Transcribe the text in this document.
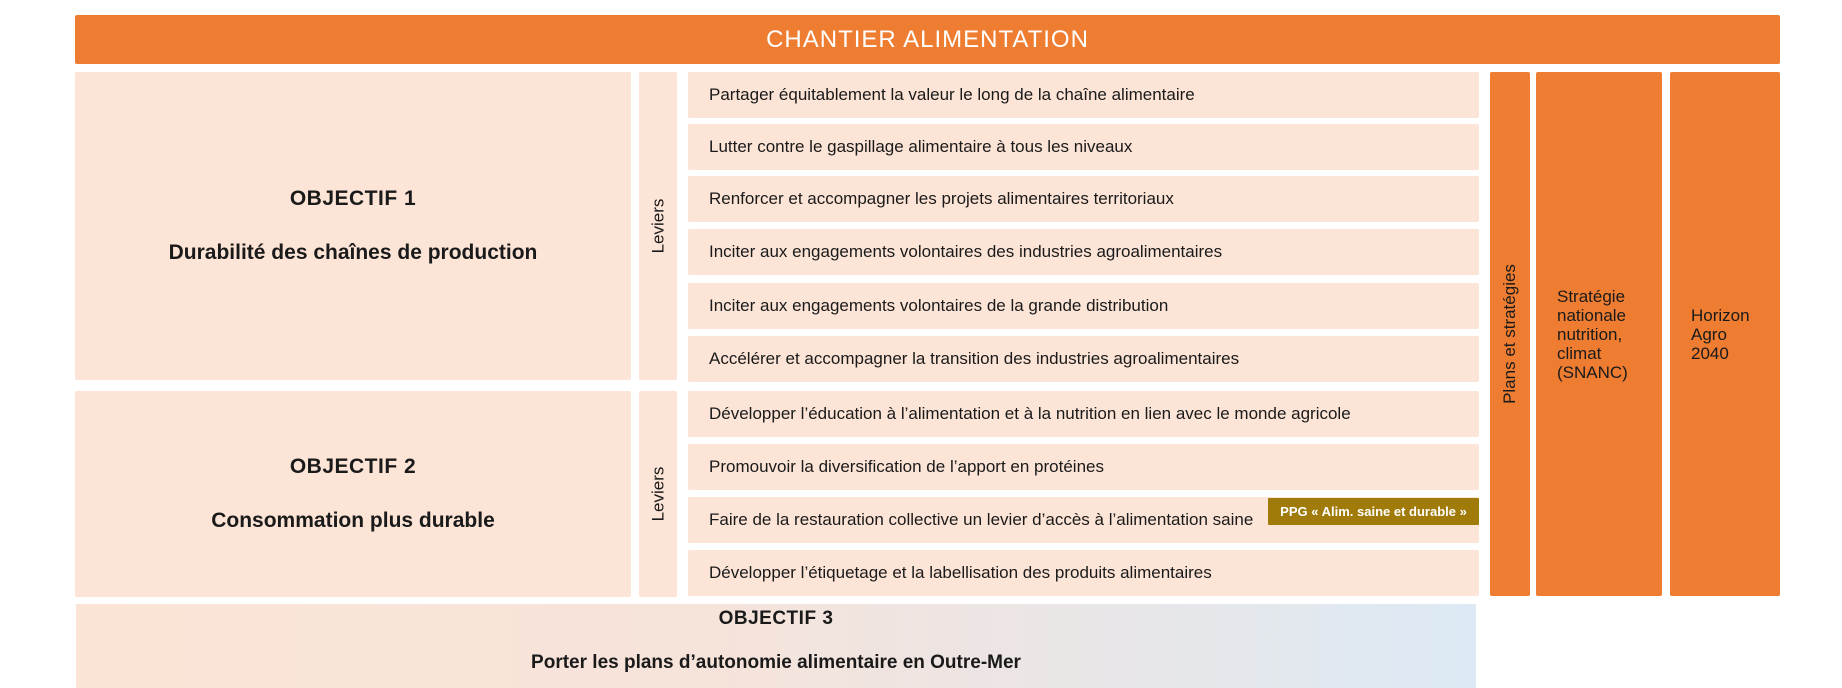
CHANTIER ALIMENTATION
OBJECTIF 1
Durabilité des chaînes de production	Leviers
Partager équitablement la valeur le long de la chaîne alimentaire
Lutter contre le gaspillage alimentaire à tous les niveaux
Renforcer et accompagner les projets alimentaires territoriaux
Inciter aux engagements volontaires des industries agroalimentaires
Inciter aux engagements volontaires de la grande distribution
Accélérer et accompagner la transition des industries agroalimentaires
OBJECTIF 2
Consommation plus durable	Leviers
Développer l’éducation à l’alimentation et à la nutrition en lien avec le monde agricole
Promouvoir la diversification de l’apport en protéines
Faire de la restauration collective un levier d’accès à l’alimentation saine
Développer l’étiquetage et la labellisation des produits alimentaires
PPG « Alim. saine et durable »
Plans et stratégies Stratégie nationale nutrition, climat (SNANC)
Horizon Agro 2040
OBJECTIF 3
Porter les plans d’autonomie alimentaire en Outre-Mer
